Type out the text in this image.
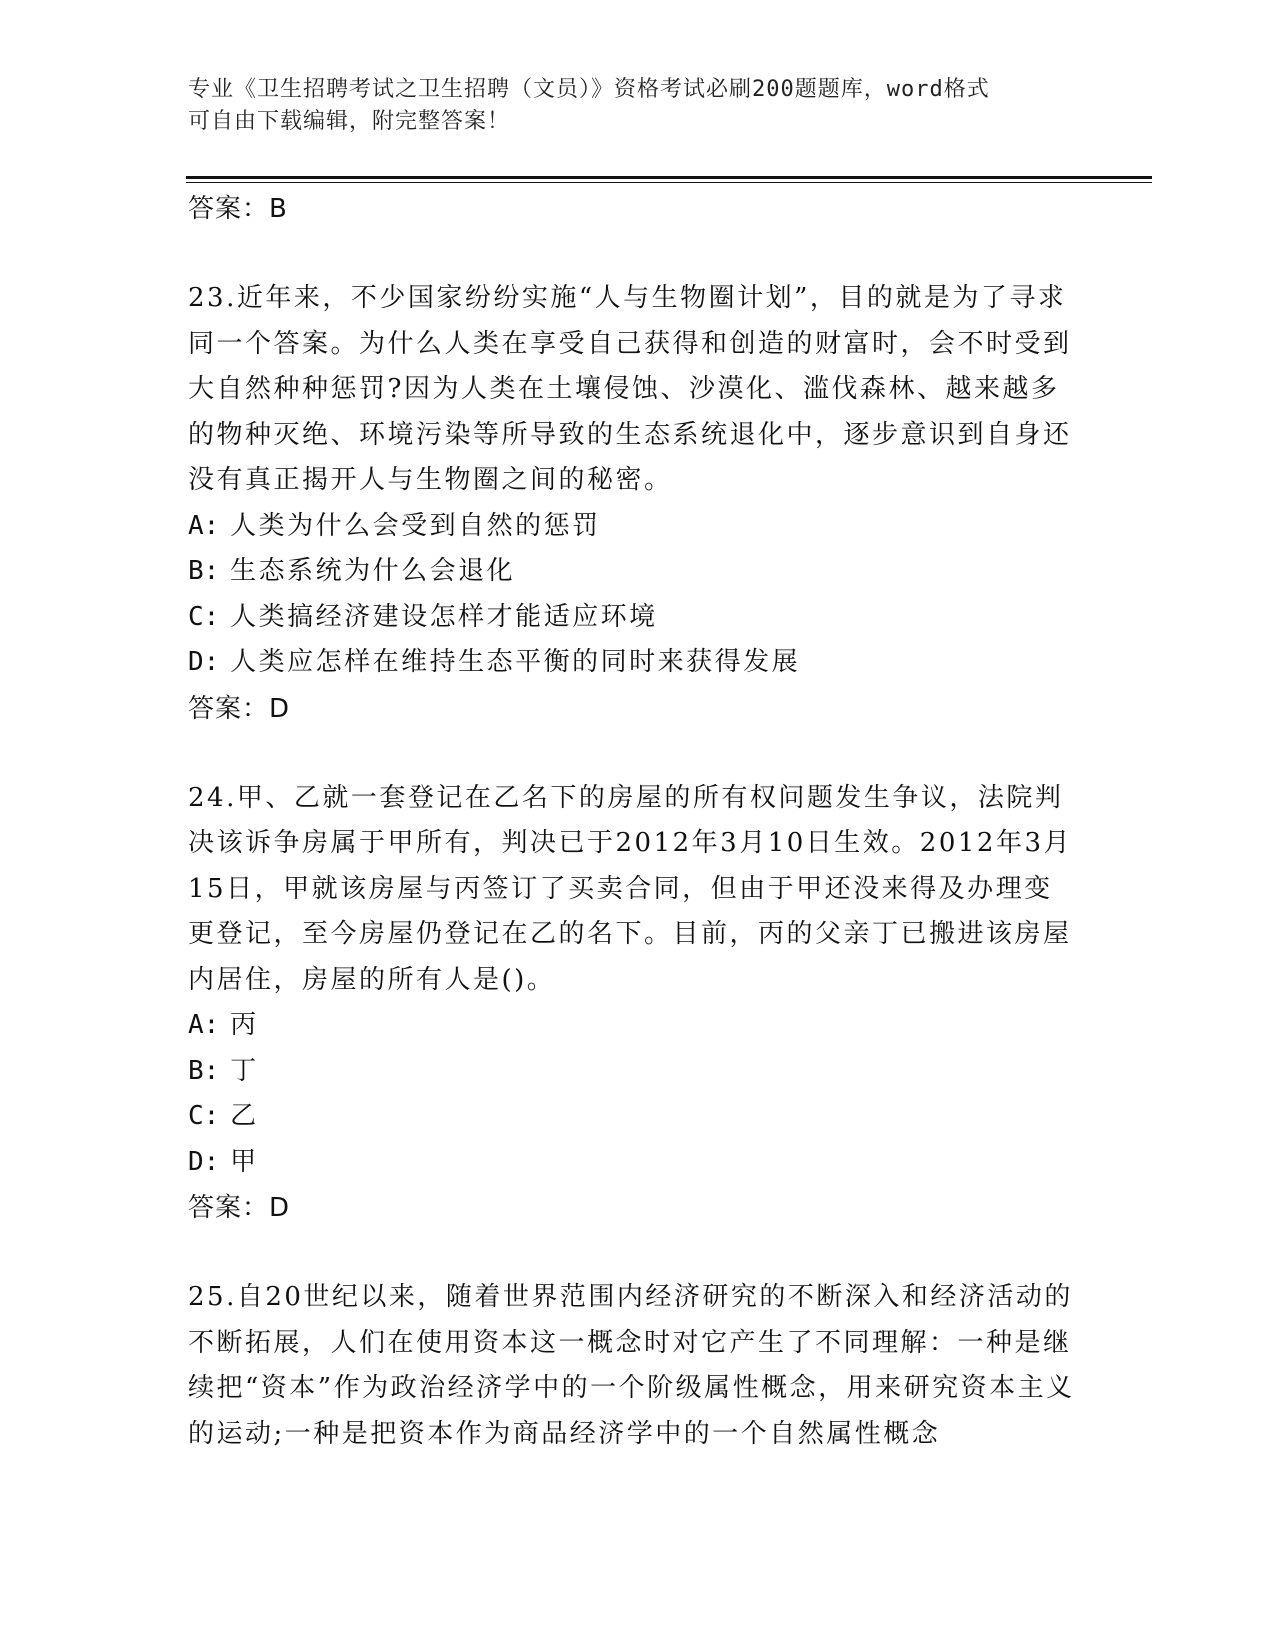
专业《卫生招聘考试之卫生招聘（文员）》资格考试必刷200题题库，word格式
可自由下载编辑，附完整答案！

答案：B

23.近年来，不少国家纷纷实施“人与生物圈计划”，目的就是为了寻求同一个答案。为什么人类在享受自己获得和创造的财富时，会不时受到大自然种种惩罚?因为人类在土壤侵蚀、沙漠化、滥伐森林、越来越多的物种灭绝、环境污染等所导致的生态系统退化中，逐步意识到自身还没有真正揭开人与生物圈之间的秘密。

A: 人类为什么会受到自然的惩罚

B: 生态系统为什么会退化

C: 人类搞经济建设怎样才能适应环境

D: 人类应怎样在维持生态平衡的同时来获得发展

答案：D

24.甲、乙就一套登记在乙名下的房屋的所有权问题发生争议，法院判决该诉争房属于甲所有，判决已于2012年3月10日生效。2012年3月15日，甲就该房屋与丙签订了买卖合同，但由于甲还没来得及办理变更登记，至今房屋仍登记在乙的名下。目前，丙的父亲丁已搬进该房屋内居住，房屋的所有人是()。

A: 丙

B: 丁

C: 乙

D: 甲

答案：D

25.自20世纪以来，随着世界范围内经济研究的不断深入和经济活动的不断拓展，人们在使用资本这一概念时对它产生了不同理解：一种是继续把“资本”作为政治经济学中的一个阶级属性概念，用来研究资本主义的运动;一种是把资本作为商品经济学中的一个自然属性概念
